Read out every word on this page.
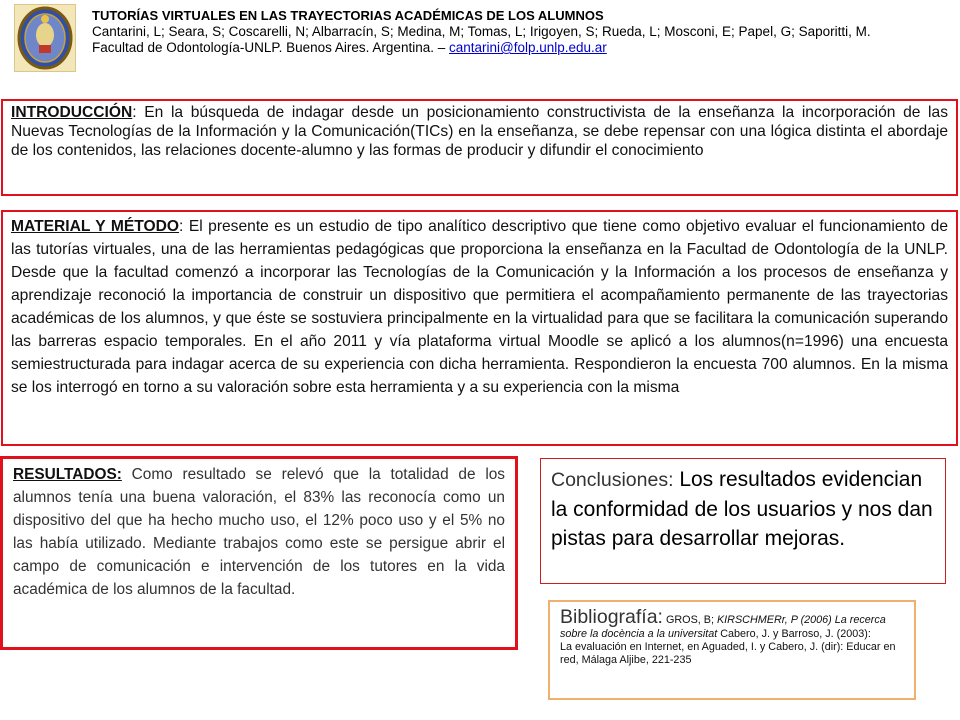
TUTORÍAS VIRTUALES EN LAS TRAYECTORIAS ACADÉMICAS DE LOS ALUMNOS
Cantarini, L; Seara, S; Coscarelli, N; Albarracín, S; Medina, M; Tomas, L; Irigoyen, S; Rueda, L; Mosconi, E; Papel, G; Saporitti, M.
Facultad de Odontología-UNLP. Buenos Aires. Argentina. – cantarini@folp.unlp.edu.ar
INTRODUCCIÓN: En la búsqueda de indagar desde un posicionamiento constructivista de la enseñanza la incorporación de las Nuevas Tecnologías de la Información y la Comunicación(TICs) en la enseñanza, se debe repensar con una lógica distinta el abordaje de los contenidos, las relaciones docente-alumno y las formas de producir y difundir el conocimiento
MATERIAL Y MÉTODO: El presente es un estudio de tipo analítico descriptivo que tiene como objetivo evaluar el funcionamiento de las tutorías virtuales, una de las herramientas pedagógicas que proporciona la enseñanza en la Facultad de Odontología de la UNLP. Desde que la facultad comenzó a incorporar las Tecnologías de la Comunicación y la Información a los procesos de enseñanza y aprendizaje reconoció la importancia de construir un dispositivo que permitiera el acompañamiento permanente de las trayectorias académicas de los alumnos, y que éste se sostuviera principalmente en la virtualidad para que se facilitara la comunicación superando las barreras espacio temporales. En el año 2011 y vía plataforma virtual Moodle se aplicó a los alumnos(n=1996) una encuesta semiestructurada para indagar acerca de su experiencia con dicha herramienta. Respondieron la encuesta 700 alumnos. En la misma se los interrogó en torno a su valoración sobre esta herramienta y a su experiencia con la misma
RESULTADOS: Como resultado se relevó que la totalidad de los alumnos tenía una buena valoración, el 83% las reconocía como un dispositivo del que ha hecho mucho uso, el 12% poco uso y el 5% no las había utilizado. Mediante trabajos como este se persigue abrir el campo de comunicación e intervención de los tutores en la vida académica de los alumnos de la facultad.
Conclusiones: Los resultados evidencian la conformidad de los usuarios y nos dan pistas para desarrollar mejoras.
Bibliografía: GROS, B; KIRSCHMERr, P (2006) La recerca sobre la docència a la universitat Cabero, J. y Barroso, J. (2003):
La evaluación en Internet, en Aguaded, I. y Cabero, J. (dir): Educar en red, Málaga Aljibe, 221-235
